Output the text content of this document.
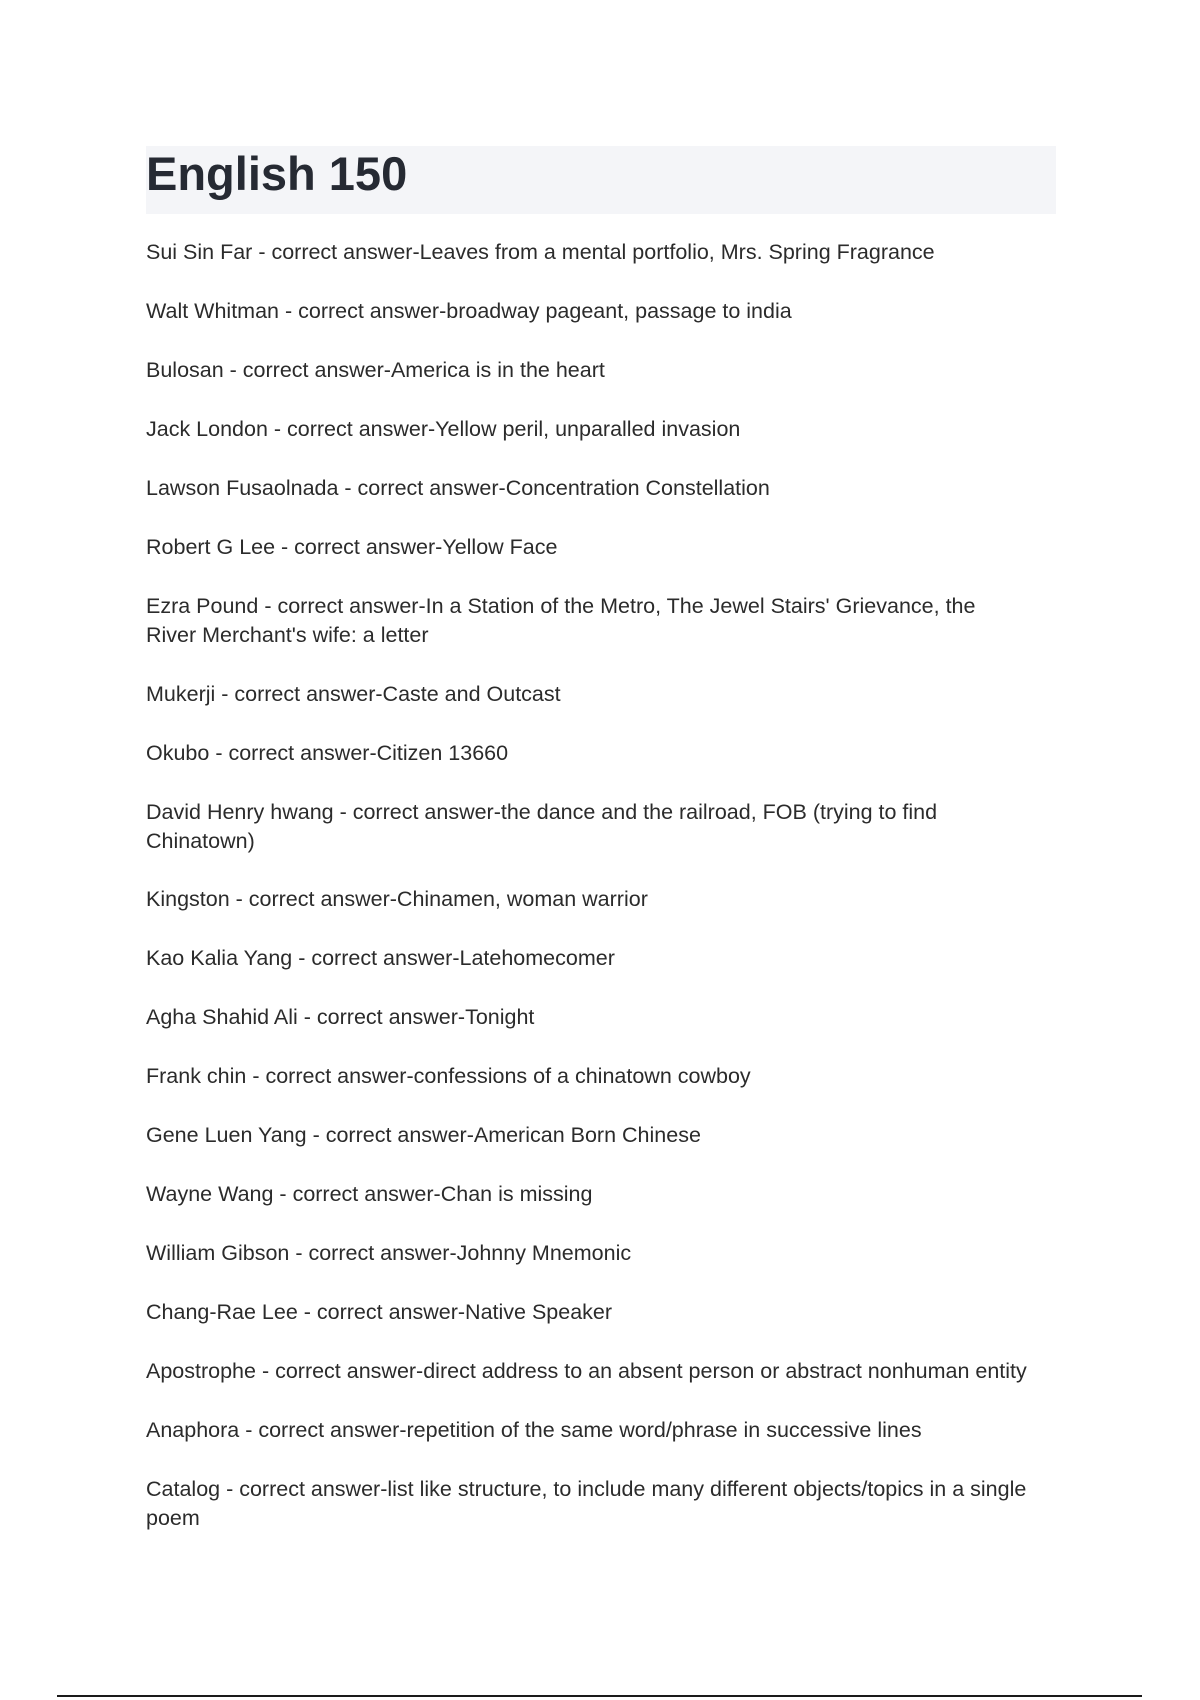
English 150
Sui Sin Far - correct answer-Leaves from a mental portfolio, Mrs. Spring Fragrance
Walt Whitman - correct answer-broadway pageant, passage to india
Bulosan - correct answer-America is in the heart
Jack London - correct answer-Yellow peril, unparalled invasion
Lawson Fusaolnada - correct answer-Concentration Constellation
Robert G Lee - correct answer-Yellow Face
Ezra Pound - correct answer-In a Station of the Metro, The Jewel Stairs' Grievance, the River Merchant's wife: a letter
Mukerji - correct answer-Caste and Outcast
Okubo - correct answer-Citizen 13660
David Henry hwang - correct answer-the dance and the railroad, FOB (trying to find Chinatown)
Kingston - correct answer-Chinamen, woman warrior
Kao Kalia Yang - correct answer-Latehomecomer
Agha Shahid Ali - correct answer-Tonight
Frank chin - correct answer-confessions of a chinatown cowboy
Gene Luen Yang - correct answer-American Born Chinese
Wayne Wang - correct answer-Chan is missing
William Gibson - correct answer-Johnny Mnemonic
Chang-Rae Lee - correct answer-Native Speaker
Apostrophe - correct answer-direct address to an absent person or abstract nonhuman entity
Anaphora - correct answer-repetition of the same word/phrase in successive lines
Catalog - correct answer-list like structure, to include many different objects/topics in a single poem
